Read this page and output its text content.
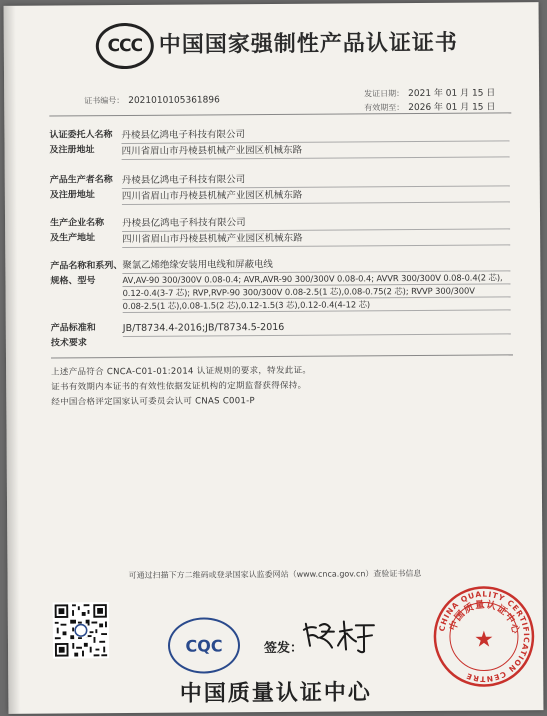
CCC 中国国家强制性产品认证证书
证书编号： 2021010105361896
发证日期： 2021 年 01 月 15 日
有效期至： 2026 年 01 月 15 日
认证委托人名称
及注册地址
丹棱县亿鸿电子科技有限公司
四川省眉山市丹棱县机械产业园区机械东路
产品生产者名称
及注册地址
丹棱县亿鸿电子科技有限公司
四川省眉山市丹棱县机械产业园区机械东路
生产企业名称
及生产地址
丹棱县亿鸿电子科技有限公司
四川省眉山市丹棱县机械产业园区机械东路
产品名称和系列、
规格、型号
聚氯乙烯绝缘安装用电线和屏蔽电线
AV,AV-90 300/300V 0.08-0.4; AVR,AVR-90 300/300V 0.08-0.4; AVVR 300/300V 0.08-0.4(2 芯),
0.12-0.4(3-7 芯); RVP,RVP-90 300/300V 0.08-2.5(1 芯),0.08-0.75(2 芯); RVVP 300/300V
0.08-2.5(1 芯),0.08-1.5(2 芯),0.12-1.5(3 芯),0.12-0.4(4-12 芯)
产品标准和
技术要求
JB/T8734.4-2016;JB/T8734.5-2016
上述产品符合 CNCA-C01-01:2014 认证规则的要求，特发此证。
证书有效期内本证书的有效性依据发证机构的定期监督获得保持。
经中国合格评定国家认可委员会认可 CNAS C001-P
可通过扫描下方二维码或登录国家认监委网站（www.cnca.gov.cn）查验证书信息
CQC	签发：
中国质量认证中心
CHINA QUALITY CERTIFICATION CENTRE
中国质量认证中心
★
